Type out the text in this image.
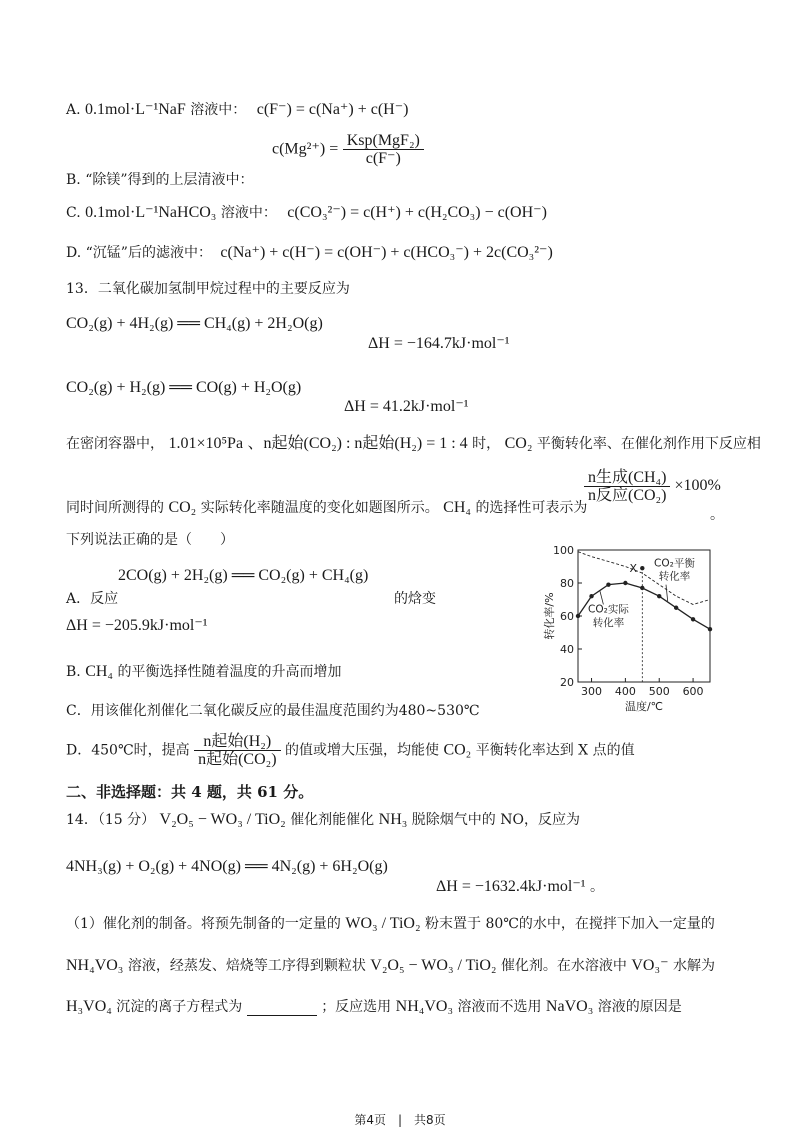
A. 0.1mol·L⁻¹NaF 溶液中： c(F⁻) = c(Na⁺) + c(H⁻)
$c(Mg^{2+}) = \frac{\text{Ksp(MgF₂)}}{c(F^-)}$
B. “除镁”得到的上层清液中：
C. 0.1mol·L⁻¹NaHCO₃ 溶液中： c(CO₃²⁻) = c(H⁺) + c(H₂CO₃) − c(OH⁻)
D. “沉锰”后的滤液中： c(Na⁺) + c(H⁻) = c(OH⁻) + c(HCO₃⁻) + 2c(CO₃²⁻)
13．二氧化碳加氢制甲烷过程中的主要反应为
CO₂(g) + 4H₂(g) ══ CH₄(g) + 2H₂O(g)
ΔH = −164.7kJ·mol⁻¹
CO₂(g) + H₂(g) ══ CO(g) + H₂O(g)
ΔH = 41.2kJ·mol⁻¹
在密闭容器中， 1.01×10⁵Pa 、n起始(CO₂) : n起始(H₂) = 1 : 4 时， CO₂ 平衡转化率、在催化剂作用下反应相
同时间所测得的 CO₂ 实际转化率随温度的变化如题图所示。 CH₄ 的选择性可表示为
$\frac{\text{n生成(CH₄)}}{\text{n反应(CO₂)}} \times 100\%$
。
下列说法正确的是（　　）
2CO(g) + 2H₂(g) ══ CO₂(g) + CH₄(g)
A．反应	的焓变
ΔH = −205.9kJ·mol⁻¹
B. CH₄ 的平衡选择性随着温度的升高而增加
C．用该催化剂催化二氧化碳反应的最佳温度范围约为480~530℃
D．450℃时，提高 $\frac{\text{n起始(H₂)}}{\text{n起始(CO₂)}}$ 的值或增大压强，均能使 CO₂ 平衡转化率达到 X 点的值
20
40
60
80
100
300 400 500 600
温度/℃
转化率/%
X CO₂平衡
转化率
CO₂实际
转化率
二、非选择题：共 4 题，共 61 分。
14．（15 分） V₂O₅ − WO₃ / TiO₂ 催化剂能催化 NH₃ 脱除烟气中的 NO，反应为
4NH₃(g) + O₂(g) + 4NO(g) ══ 4N₂(g) + 6H₂O(g)
ΔH = −1632.4kJ·mol⁻¹ 。
（1）催化剂的制备。将预先制备的一定量的 WO₃ / TiO₂ 粉末置于 80℃的水中，在搅拌下加入一定量的
NH₄VO₃ 溶液，经蒸发、焙烧等工序得到颗粒状 V₂O₅ − WO₃ / TiO₂ 催化剂。在水溶液中 VO₃⁻ 水解为
H₃VO₄ 沉淀的离子方程式为	；反应选用 NH₄VO₃ 溶液而不选用 NaVO₃ 溶液的原因是
第4页　|　共8页
